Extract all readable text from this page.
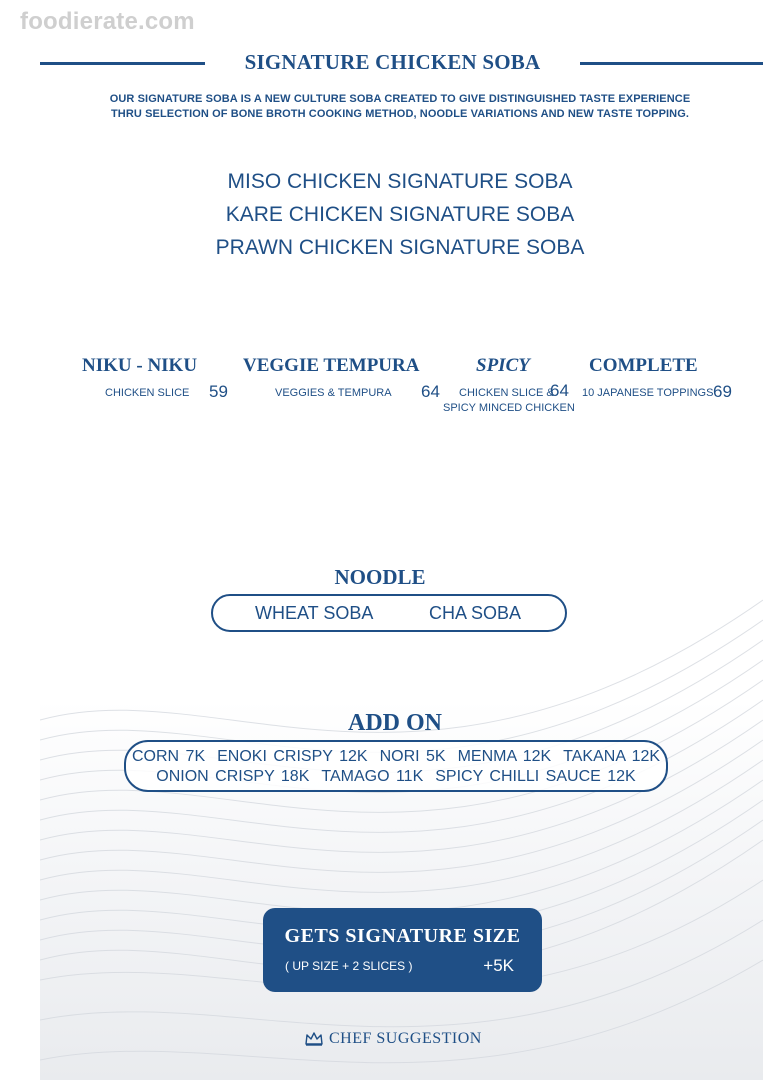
foodierate.com
SIGNATURE CHICKEN SOBA
OUR SIGNATURE SOBA IS A NEW CULTURE SOBA CREATED TO GIVE DISTINGUISHED TASTE EXPERIENCE
THRU SELECTION OF BONE BROTH COOKING METHOD, NOODLE VARIATIONS AND NEW TASTE TOPPING.
MISO CHICKEN SIGNATURE SOBA
KARE CHICKEN SIGNATURE SOBA
PRAWN CHICKEN SIGNATURE SOBA
NIKU - NIKU
CHICKEN SLICE 59
VEGGIE TEMPURA
VEGGIES & TEMPURA 64
SPICY
CHICKEN SLICE &
SPICY MINCED CHICKEN
64
COMPLETE
10 JAPANESE TOPPINGS 69
NOODLE
WHEAT SOBA	CHA SOBA
ADD ON
CORN 7K ENOKI CRISPY 12K NORI 5K MENMA 12K TAKANA 12K
ONION CRISPY 18K TAMAGO 11K SPICY CHILLI SAUCE 12K
GETS SIGNATURE SIZE
( UP SIZE + 2 SLICES )	+5K
CHEF SUGGESTION
